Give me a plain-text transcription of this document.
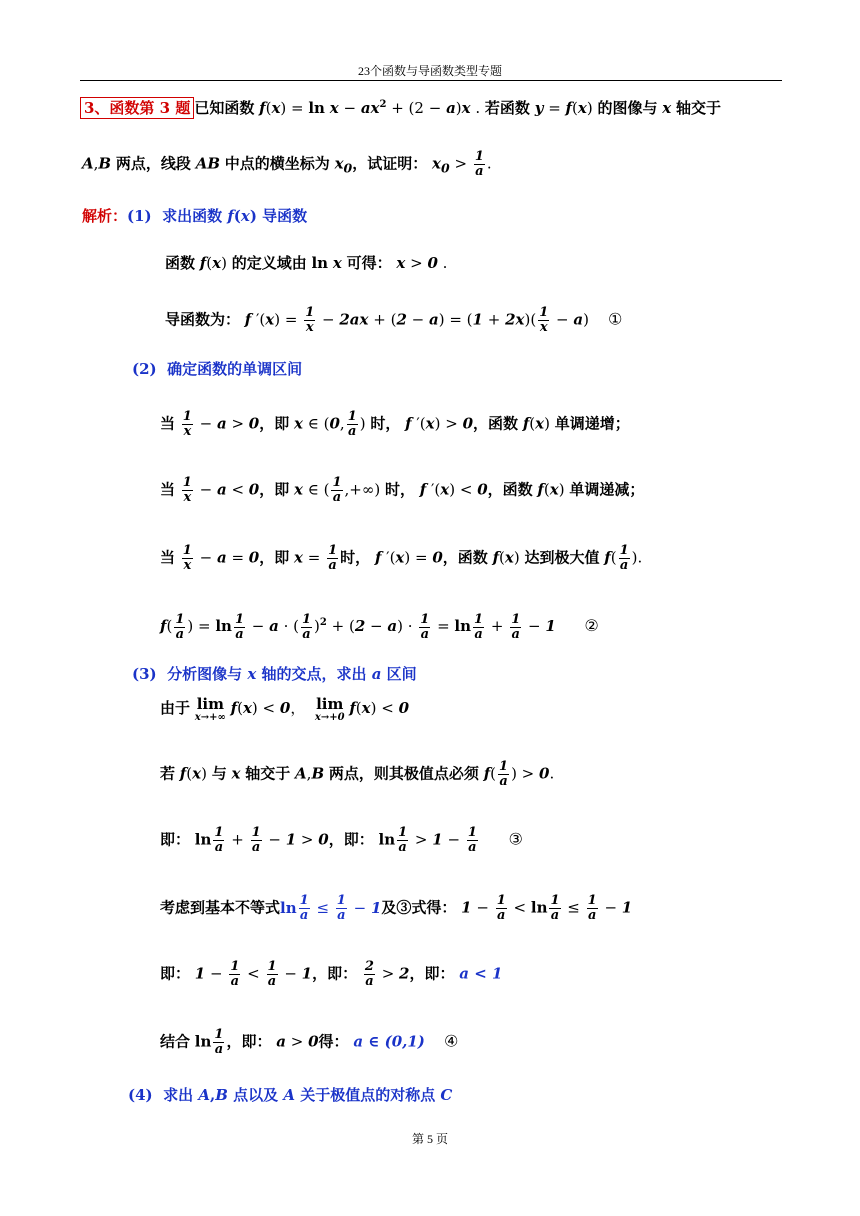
23个函数与导函数类型专题
3、函数第 3 题 已知函数 $f(x) = \ln x - ax^2 + (2 - a)x$ . 若函数 y = f(x) 的图像与 x 轴交于
A,B 两点，线段 AB 中点的横坐标为 $x_0$，试证明： $x_0 > \frac{1}{a}$ .
解析：(1)  求出函数 f(x) 导函数
函数 f(x) 的定义域由 ln x 可得： x > 0 .
导函数为： f $'(x) = \frac{1}{x} - 2ax + (2 - a) = (1 + 2x)( \frac{1}{x} - a)$    ①
(2)  确定函数的单调区间
当 $\frac{1}{x} - a > 0$，即 x ∈ (0, $\frac{1}{a}$ ) 时， f ′(x) > 0，函数 f(x) 单调递增；
当 $\frac{1}{x} - a < 0$，即 x ∈ ( $\frac{1}{a}$ ,+∞) 时， f ′(x) < 0，函数 f(x) 单调递减；
当 $\frac{1}{x} - a = 0$，即 $x = \frac{1}{a}$ 时， f ′(x) = 0，函数 f(x) 达到极大值 $f( \frac{1}{a}$ ).
$f( \frac{1}{a}$ ) = $\ln \frac{1}{a} - a$ · ( $\frac{1}{a} )^2 + (2 - a) \cdot \frac{1}{a} = \ln \frac{1}{a} + \frac{1}{a} - 1$ ②
(3)  分析图像与 x 轴的交点，求出 a 区间
由于 lim
x→+∞
f(x) < 0，  lim
x→+0
f(x) < 0
若 f(x) 与 x 轴交于 A,B 两点，则其极值点必须 $f( \frac{1}{a}$ ) > 0.
即： $\ln \frac{1}{a} + \frac{1}{a} - 1 > 0$，即： $\ln \frac{1}{a} > 1 - \frac{1}{a}$ ③
考虑到基本不等式$\ln \frac{1}{a} \le \frac{1}{a} - 1$及③式得： $1 - \frac{1}{a} < \ln \frac{1}{a} \le \frac{1}{a} - 1$
即： $1 - \frac{1}{a} < \frac{1}{a} - 1$，即： $\frac{2}{a} > 2$，即： a < 1
结合 $\ln \frac{1}{a}$ ，即： a > 0得： a ∈ (0,1) ④
(4)  求出 A,B 点以及 A 关于极值点的对称点 C
第 5 页
